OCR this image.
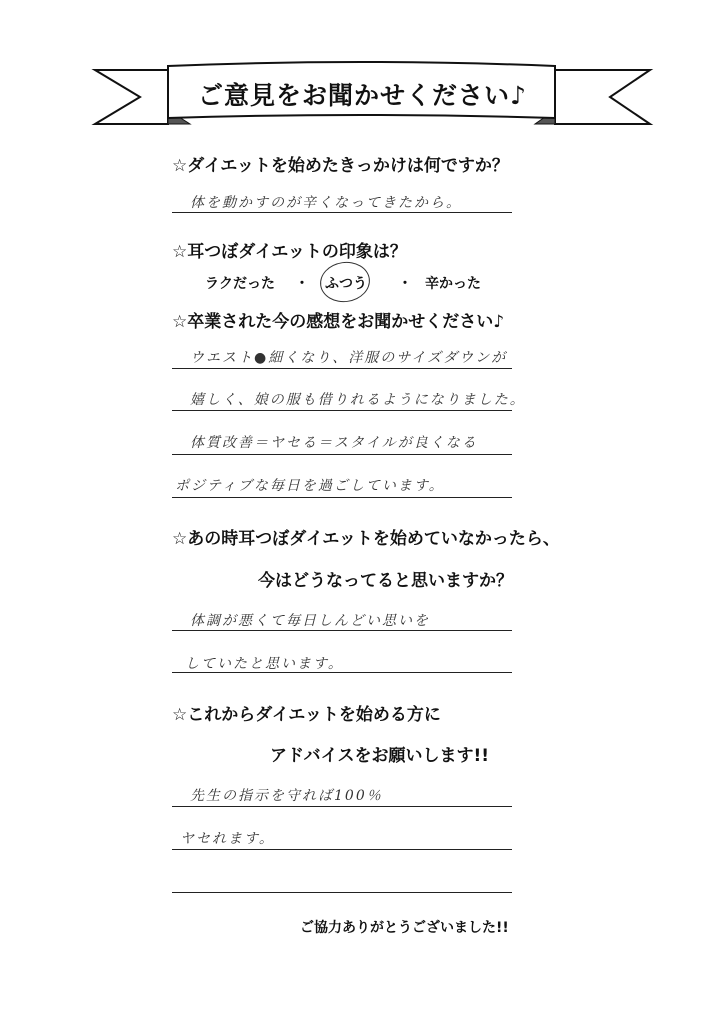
ご意見をお聞かせください♪
☆ダイエットを始めたきっかけは何ですか？
体を動かすのが辛くなってきたから。
☆耳つぼダイエットの印象は？
ラクだった ・ ふつう ・ 辛かった
☆卒業された今の感想をお聞かせください♪
ウエスト●細くなり、洋服のサイズダウンが
嬉しく、娘の服も借りれるようになりました。
体質改善＝ヤセる＝スタイルが良くなる
ポジティブな毎日を過ごしています。
☆あの時耳つぼダイエットを始めていなかったら、
今はどうなってると思いますか？
体調が悪くて毎日しんどい思いを
していたと思います。
☆これからダイエットを始める方に
アドバイスをお願いします!!
先生の指示を守れば100％
ヤセれます。
ご協力ありがとうございました!!
